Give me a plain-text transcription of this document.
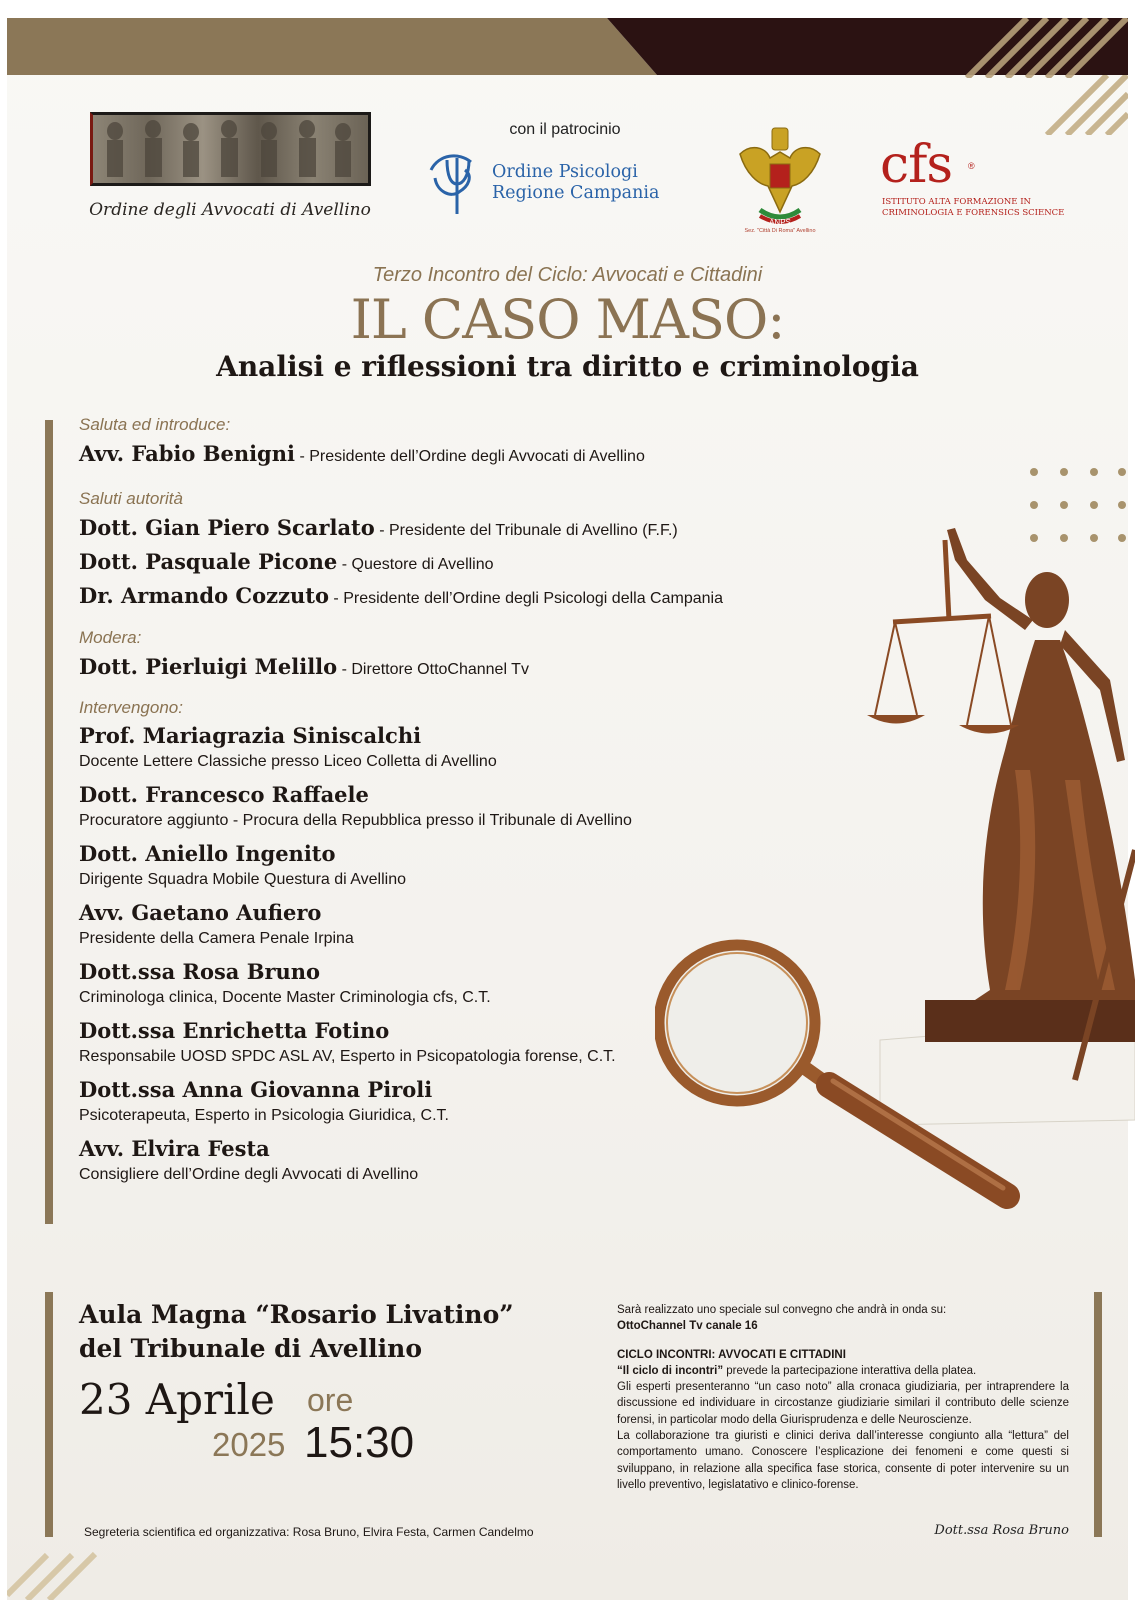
Ordine degli Avvocati di Avellino
con il patrocinio
Ordine Psicologi
Regione Campania
ANPS
Sez. "Città Di Roma" Avellino
cfs ®
ISTITUTO ALTA FORMAZIONE IN
CRIMINOLOGIA E FORENSICS SCIENCE
Terzo Incontro del Ciclo: Avvocati e Cittadini
IL CASO MASO:
Analisi e riflessioni tra diritto e criminologia

Saluta ed introduce:

Avv. Fabio Benigni - Presidente dell’Ordine degli Avvocati di Avellino

Saluti autorità

Dott. Gian Piero Scarlato - Presidente del Tribunale di Avellino (F.F.)
Dott. Pasquale Picone - Questore di Avellino
Dr. Armando Cozzuto - Presidente dell’Ordine degli Psicologi della Campania

Modera:

Dott. Pierluigi Melillo - Direttore OttoChannel Tv

Intervengono:

Prof. Mariagrazia Siniscalchi
Docente Lettere Classiche presso Liceo Colletta di Avellino
Dott. Francesco Raffaele
Procuratore aggiunto - Procura della Repubblica presso il Tribunale di Avellino
Dott. Aniello Ingenito
Dirigente Squadra Mobile Questura di Avellino
Avv. Gaetano Aufiero
Presidente della Camera Penale Irpina
Dott.ssa Rosa Bruno
Criminologa clinica, Docente Master Criminologia cfs, C.T.
Dott.ssa Enrichetta Fotino
Responsabile UOSD SPDC ASL AV, Esperto in Psicopatologia forense, C.T.
Dott.ssa Anna Giovanna Piroli
Psicoterapeuta, Esperto in Psicologia Giuridica, C.T.
Avv. Elvira Festa
Consigliere dell’Ordine degli Avvocati di Avellino
Aula Magna “Rosario Livatino”
del Tribunale di Avellino
23 Aprile
2025
ore
15:30

Sarà realizzato uno speciale sul convegno che andrà in onda su:

OttoChannel Tv canale 16

CICLO INCONTRI: AVVOCATI E CITTADINI

“Il ciclo di incontri” prevede la partecipazione interattiva della platea.

Gli esperti presenteranno “un caso noto” alla cronaca giudiziaria, per intraprendere la discussione ed individuare in circostanze giudiziarie similari il contributo delle scienze forensi, in particolar modo della Giurisprudenza e delle Neuroscienze.

La collaborazione tra giuristi e clinici deriva dall’interesse congiunto alla “lettura” del comportamento umano. Conoscere l’esplicazione dei fenomeni e come questi si sviluppano, in relazione alla specifica fase storica, consente di poter intervenire su un livello preventivo, legislatativo e clinico-forense.

Segreteria scientifica ed organizzativa: Rosa Bruno, Elvira Festa, Carmen Candelmo	Dott.ssa Rosa Bruno
